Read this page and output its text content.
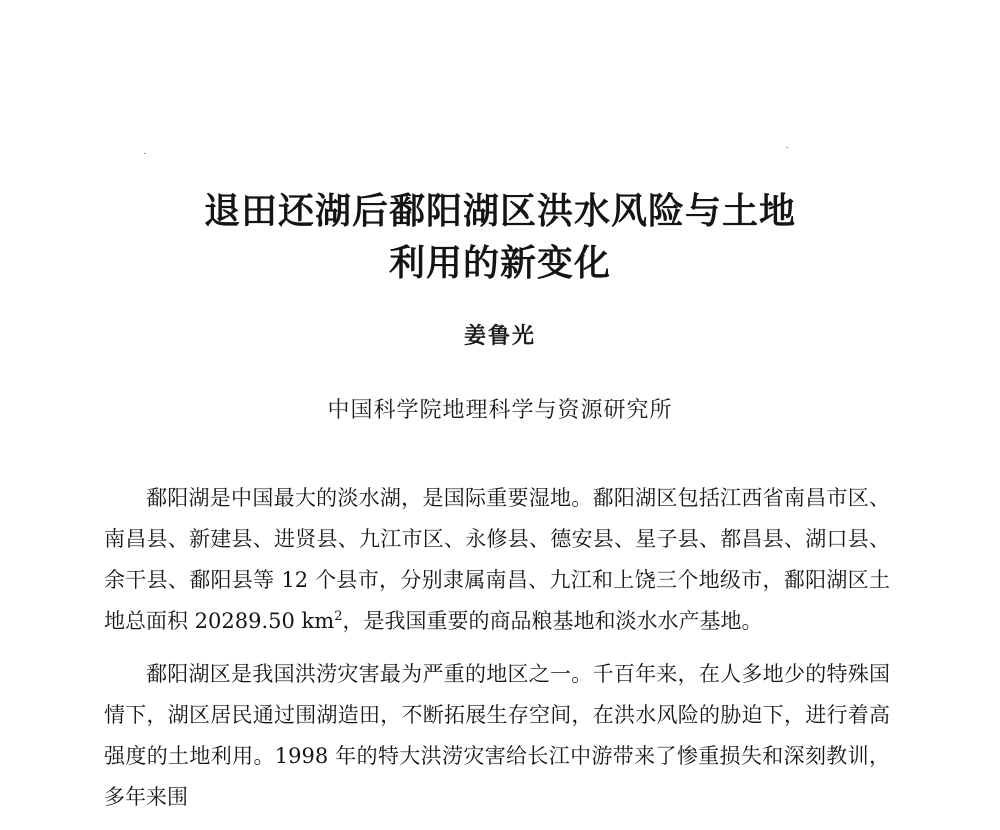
退田还湖后鄱阳湖区洪水风险与土地
利用的新变化
姜鲁光
中国科学院地理科学与资源研究所

鄱阳湖是中国最大的淡水湖，是国际重要湿地。鄱阳湖区包括江西省南昌市区、南昌县、新建县、进贤县、九江市区、永修县、德安县、星子县、都昌县、湖口县、余干县、鄱阳县等 12 个县市，分别隶属南昌、九江和上饶三个地级市，鄱阳湖区土地总面积 20289.50 $km^2$，是我国重要的商品粮基地和淡水水产基地。

鄱阳湖区是我国洪涝灾害最为严重的地区之一。千百年来，在人多地少的特殊国情下，湖区居民通过围湖造田，不断拓展生存空间，在洪水风险的胁迫下，进行着高强度的土地利用。1998 年的特大洪涝灾害给长江中游带来了惨重损失和深刻教训，多年来围
